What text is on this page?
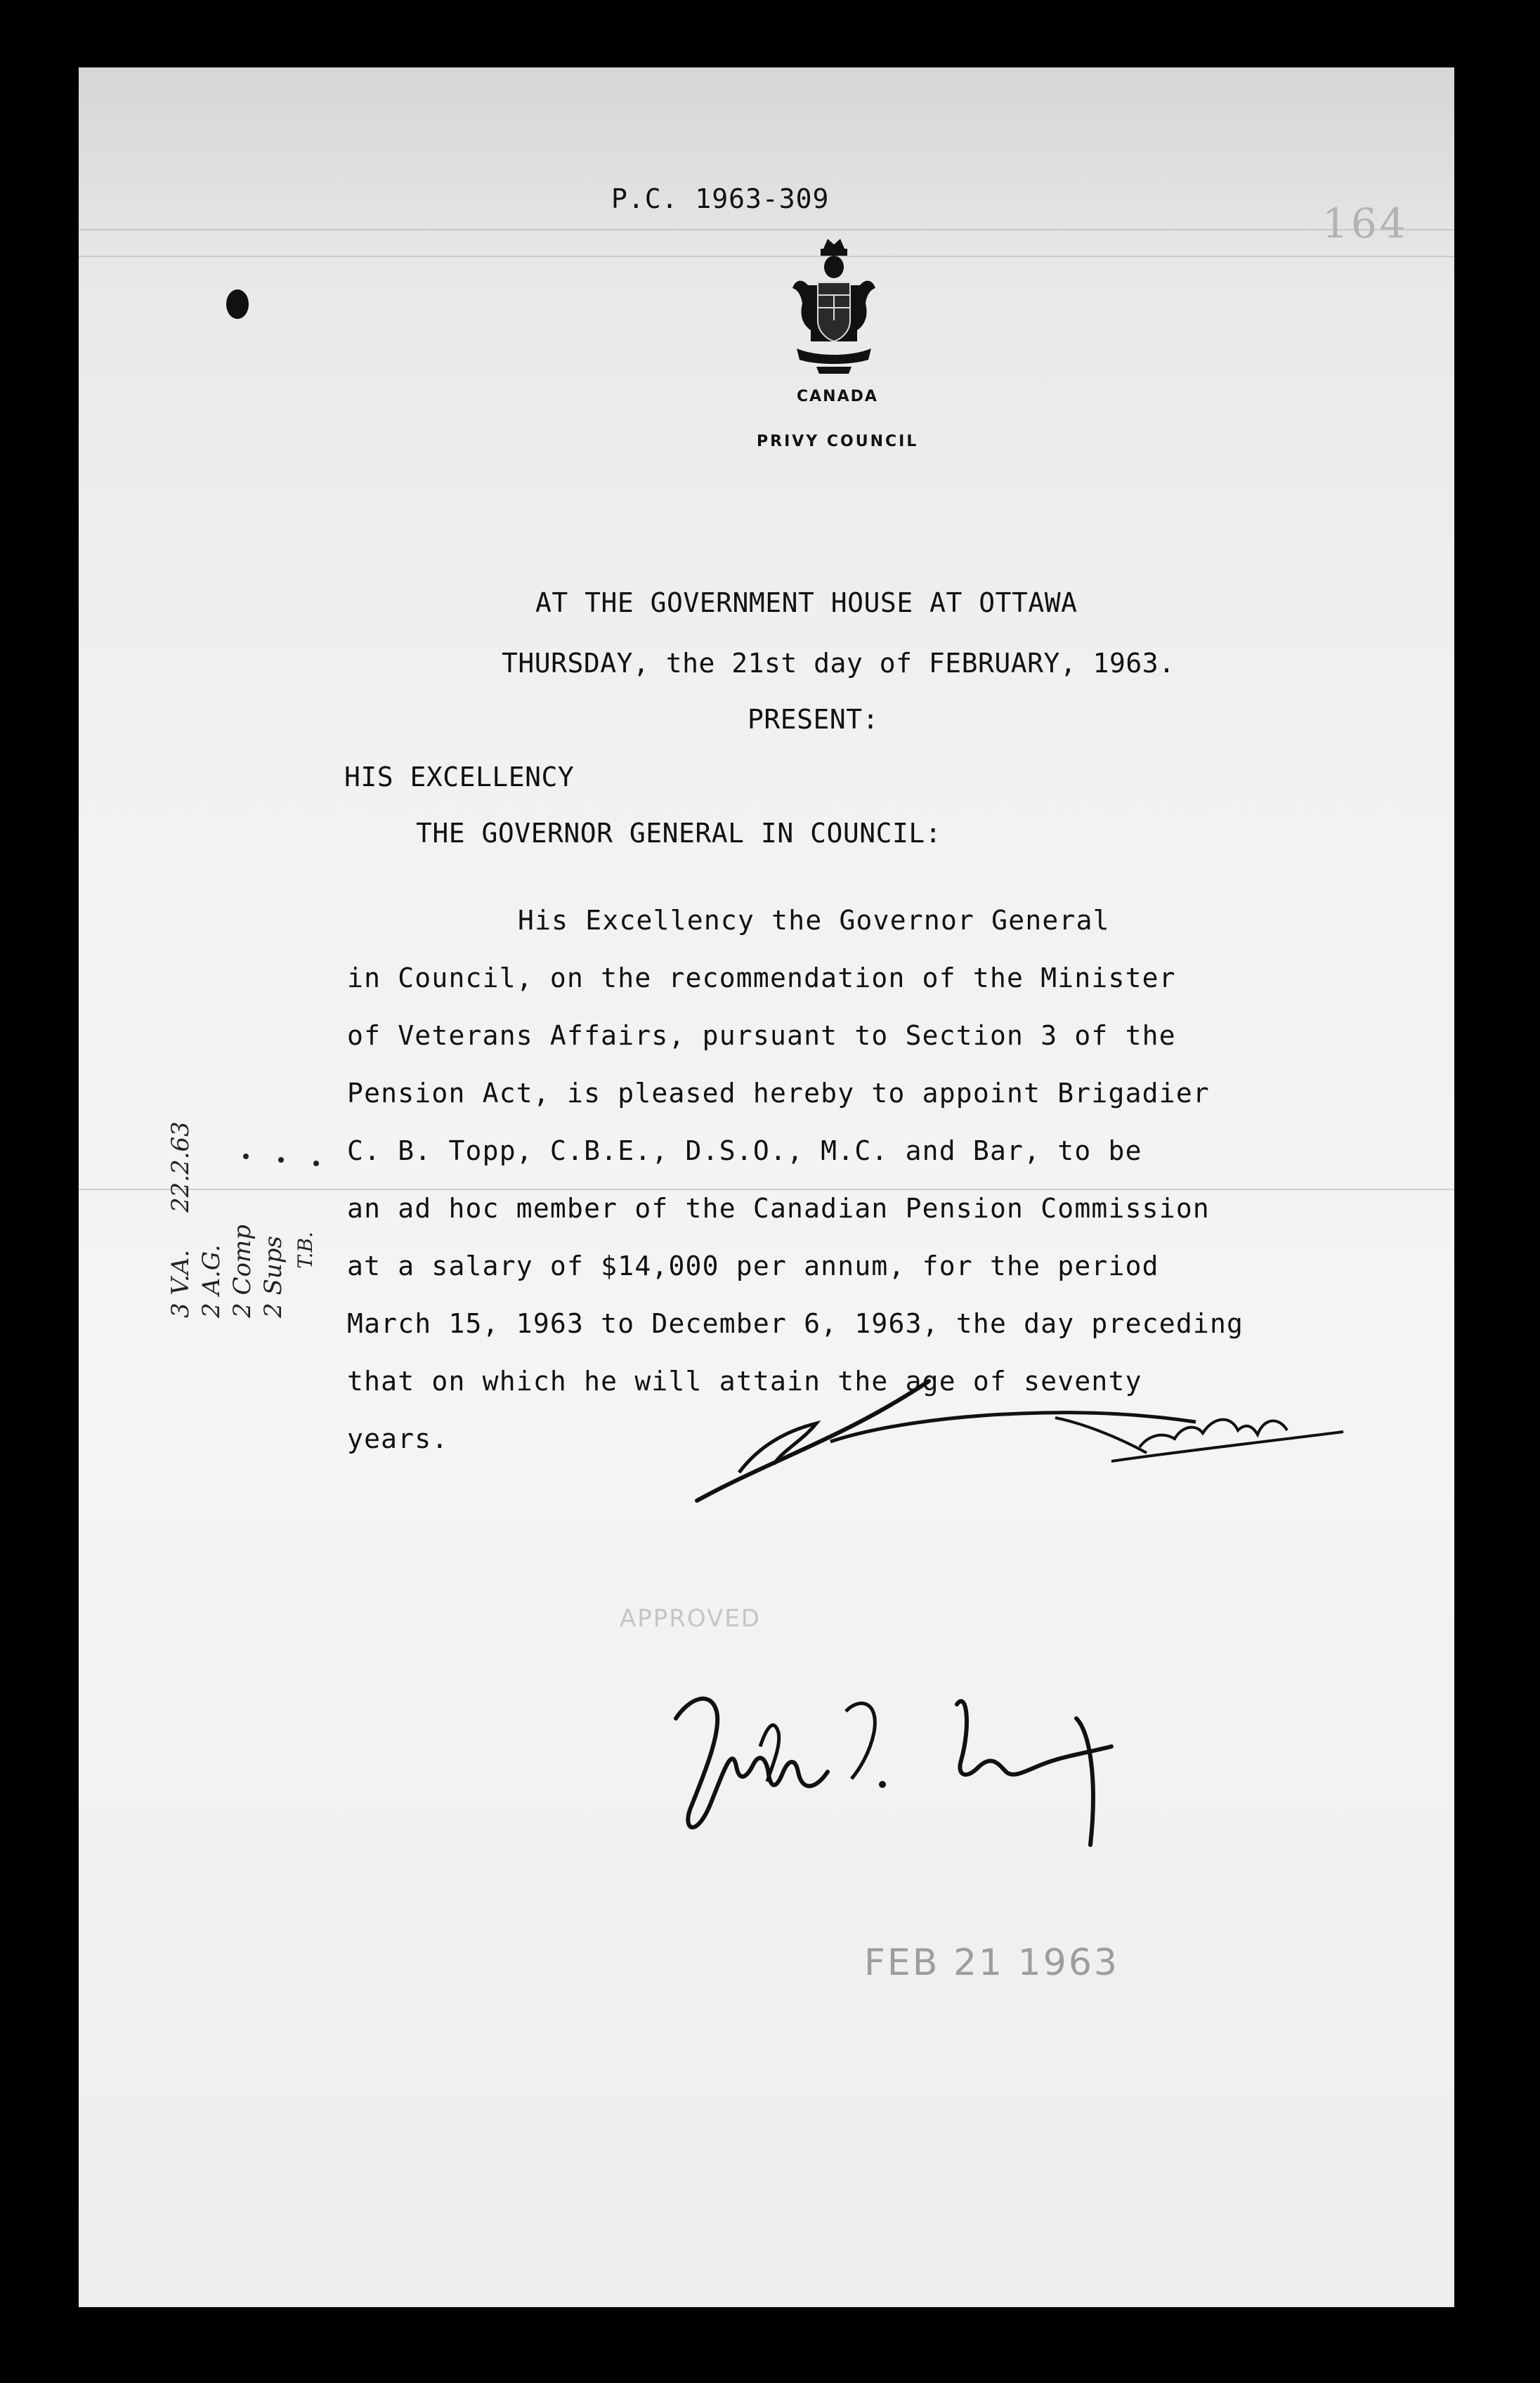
P.C. 1963-309
164
CANADA
PRIVY COUNCIL
AT THE GOVERNMENT HOUSE AT OTTAWA
THURSDAY, the 21st day of FEBRUARY, 1963.
PRESENT:
HIS EXCELLENCY
THE GOVERNOR GENERAL IN COUNCIL:
His Excellency the Governor General
in Council, on the recommendation of the Minister
of Veterans Affairs, pursuant to Section 3 of the
Pension Act, is pleased hereby to appoint Brigadier
C. B. Topp, C.B.E., D.S.O., M.C. and Bar, to be
an ad hoc member of the Canadian Pension Commission
at a salary of $14,000 per annum, for the period
March 15, 1963 to December 6, 1963, the day preceding
that on which he will attain the age of seventy
years.
22.2.63
3 V.A. 2 A.G. 2 Comp 2 Sups T.B.
APPROVED
FEB 21 1963
